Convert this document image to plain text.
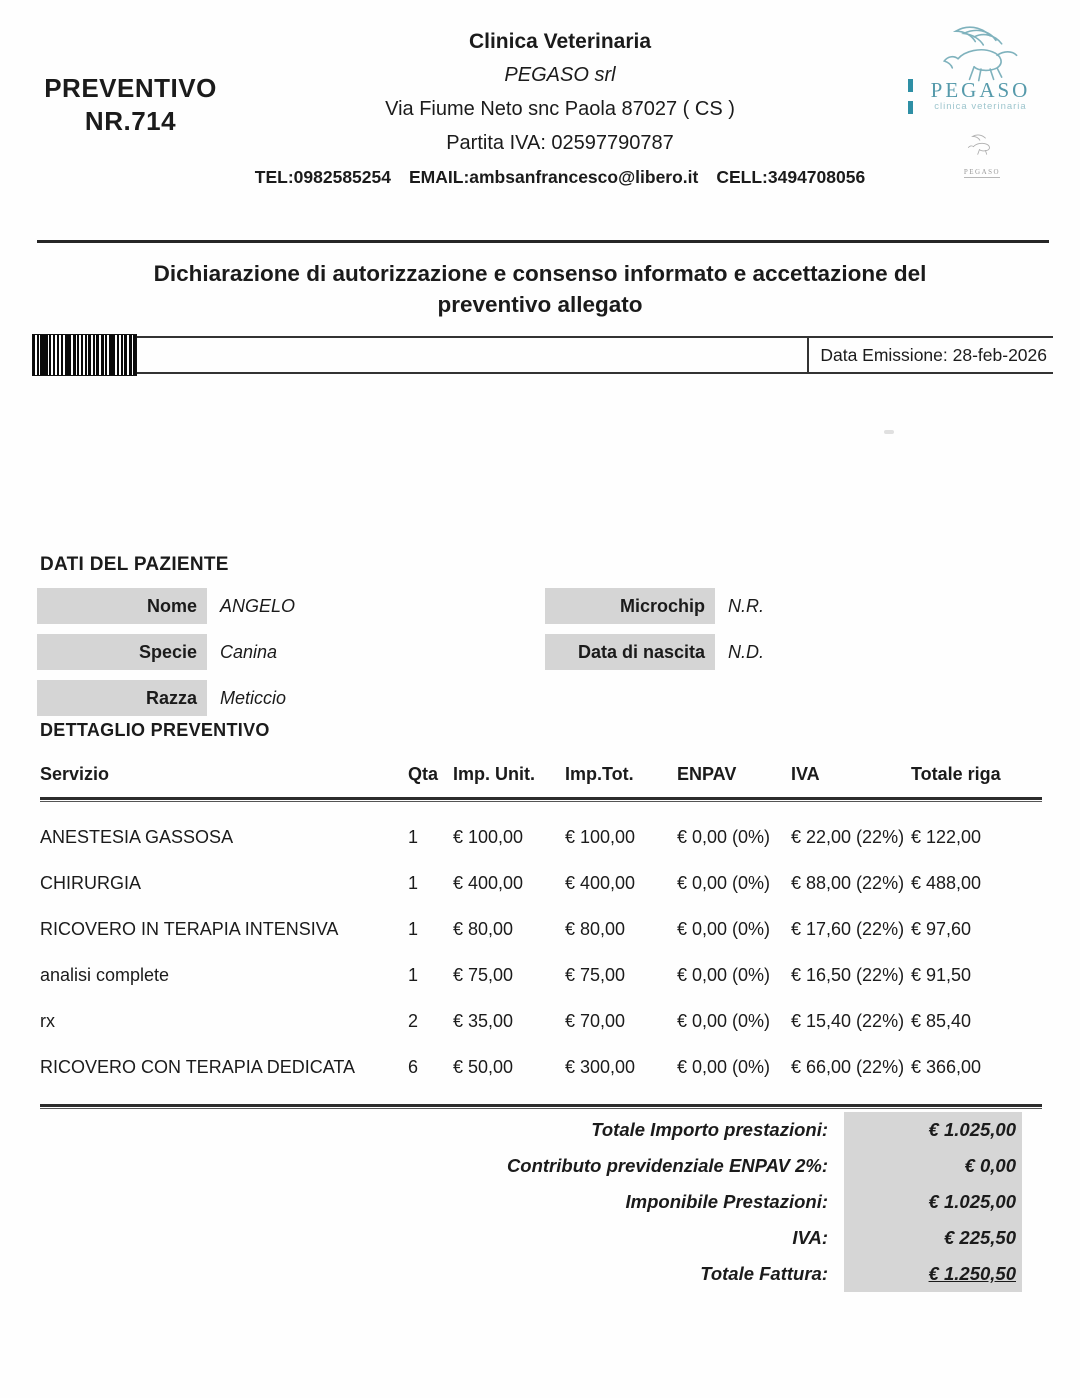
Clinica Veterinaria
PEGASO srl
Via Fiume Neto snc Paola 87027 ( CS )
Partita IVA: 02597790787
TEL:0982585254 EMAIL:ambsanfrancesco@libero.it CELL:3494708056
PREVENTIVO
NR.714
PEGASO
clinica veterinaria
PEGASO
Dichiarazione di autorizzazione e consenso informato e accettazione del
preventivo allegato
Data Emissione: 28-feb-2026
DATI DEL PAZIENTE
Nome	ANGELO
Specie	Canina
Razza	Meticcio
Microchip	N.R.
Data di nascita	N.D.
DETTAGLIO PREVENTIVO
Servizio	Qta Imp. Unit.	Imp.Tot.	ENPAV	IVA	Totale riga
ANESTESIA GASSOSA	1	€ 100,00	€ 100,00	€ 0,00 (0%)	€ 22,00 (22%) € 122,00
CHIRURGIA	1	€ 400,00	€ 400,00	€ 0,00 (0%)	€ 88,00 (22%) € 488,00
RICOVERO IN TERAPIA INTENSIVA	1	€ 80,00	€ 80,00	€ 0,00 (0%)	€ 17,60 (22%) € 97,60
analisi complete	1	€ 75,00	€ 75,00	€ 0,00 (0%)	€ 16,50 (22%) € 91,50
rx	2	€ 35,00	€ 70,00	€ 0,00 (0%)	€ 15,40 (22%) € 85,40
RICOVERO CON TERAPIA DEDICATA	6	€ 50,00	€ 300,00	€ 0,00 (0%)	€ 66,00 (22%) € 366,00
Totale Importo prestazioni:	€ 1.025,00
Contributo previdenziale ENPAV 2%:	€ 0,00
Imponibile Prestazioni:	€ 1.025,00
IVA:	€ 225,50
Totale Fattura:	€ 1.250,50
